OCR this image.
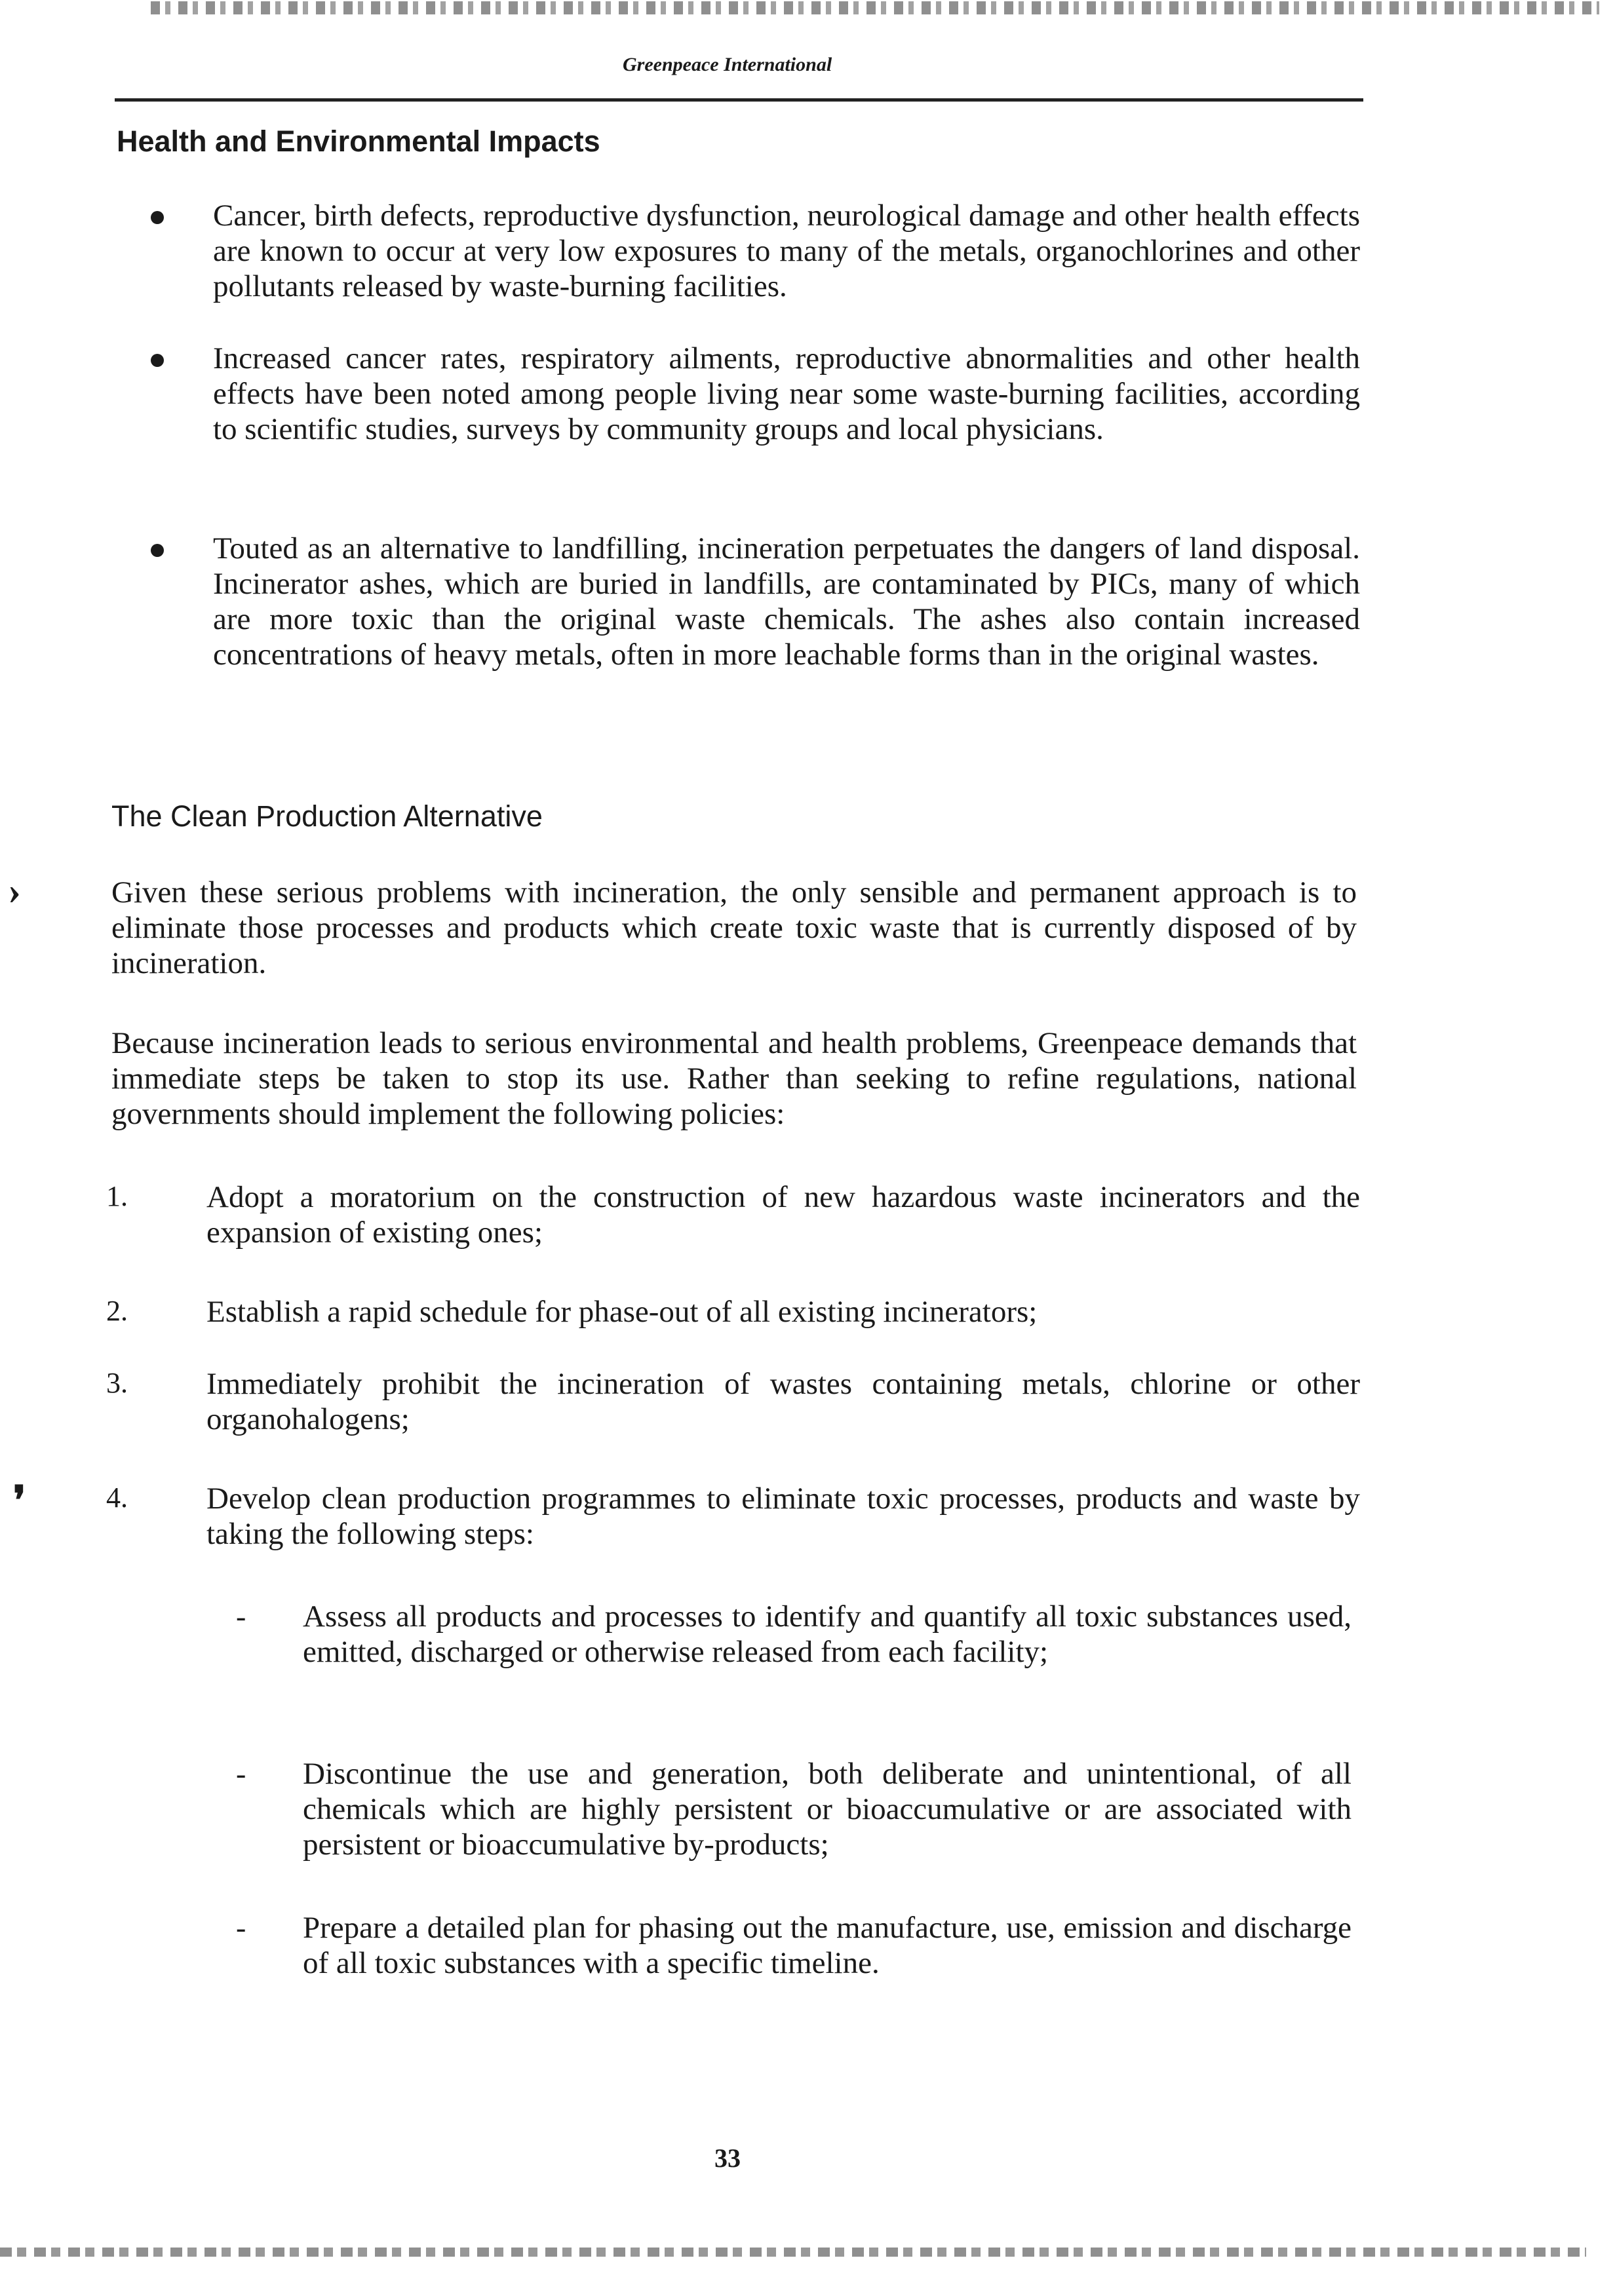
Greenpeace International
Health and Environmental Impacts

Cancer, birth defects, reproductive dysfunction, neurological damage and other health effects are known to occur at very low exposures to many of the metals, organochlorines and other pollutants released by waste-burning facilities.

Increased cancer rates, respiratory ailments, reproductive abnormalities and other health effects have been noted among people living near some waste-burning facilities, according to scientific studies, surveys by community groups and local physicians.

Touted as an alternative to landfilling, incineration perpetuates the dangers of land disposal. Incinerator ashes, which are buried in landfills, are contaminated by PICs, many of which are more toxic than the original waste chemicals. The ashes also contain increased concentrations of heavy metals, often in more leachable forms than in the original wastes.

The Clean Production Alternative
›	Given these serious problems with incineration, the only sensible and permanent approach is to eliminate those processes and products which create toxic waste that is currently disposed of by incineration.

Because incineration leads to serious environmental and health problems, Greenpeace demands that immediate steps be taken to stop its use. Rather than seeking to refine regulations, national governments should implement the following policies:

1.	Adopt a moratorium on the construction of new hazardous waste incinerators and the expansion of existing ones;

2.	Establish a rapid schedule for phase-out of all existing incinerators;

3.	Immediately prohibit the incineration of wastes containing metals, chlorine or other organohalogens;

❜	4.	Develop clean production programmes to eliminate toxic processes, products and waste by taking the following steps:

- Assess all products and processes to identify and quantify all toxic substances used, emitted, discharged or otherwise released from each facility;

- Discontinue the use and generation, both deliberate and unintentional, of all chemicals which are highly persistent or bioaccumulative or are associated with persistent or bioaccumulative by-products;

- Prepare a detailed plan for phasing out the manufacture, use, emission and discharge of all toxic substances with a specific timeline.

33
